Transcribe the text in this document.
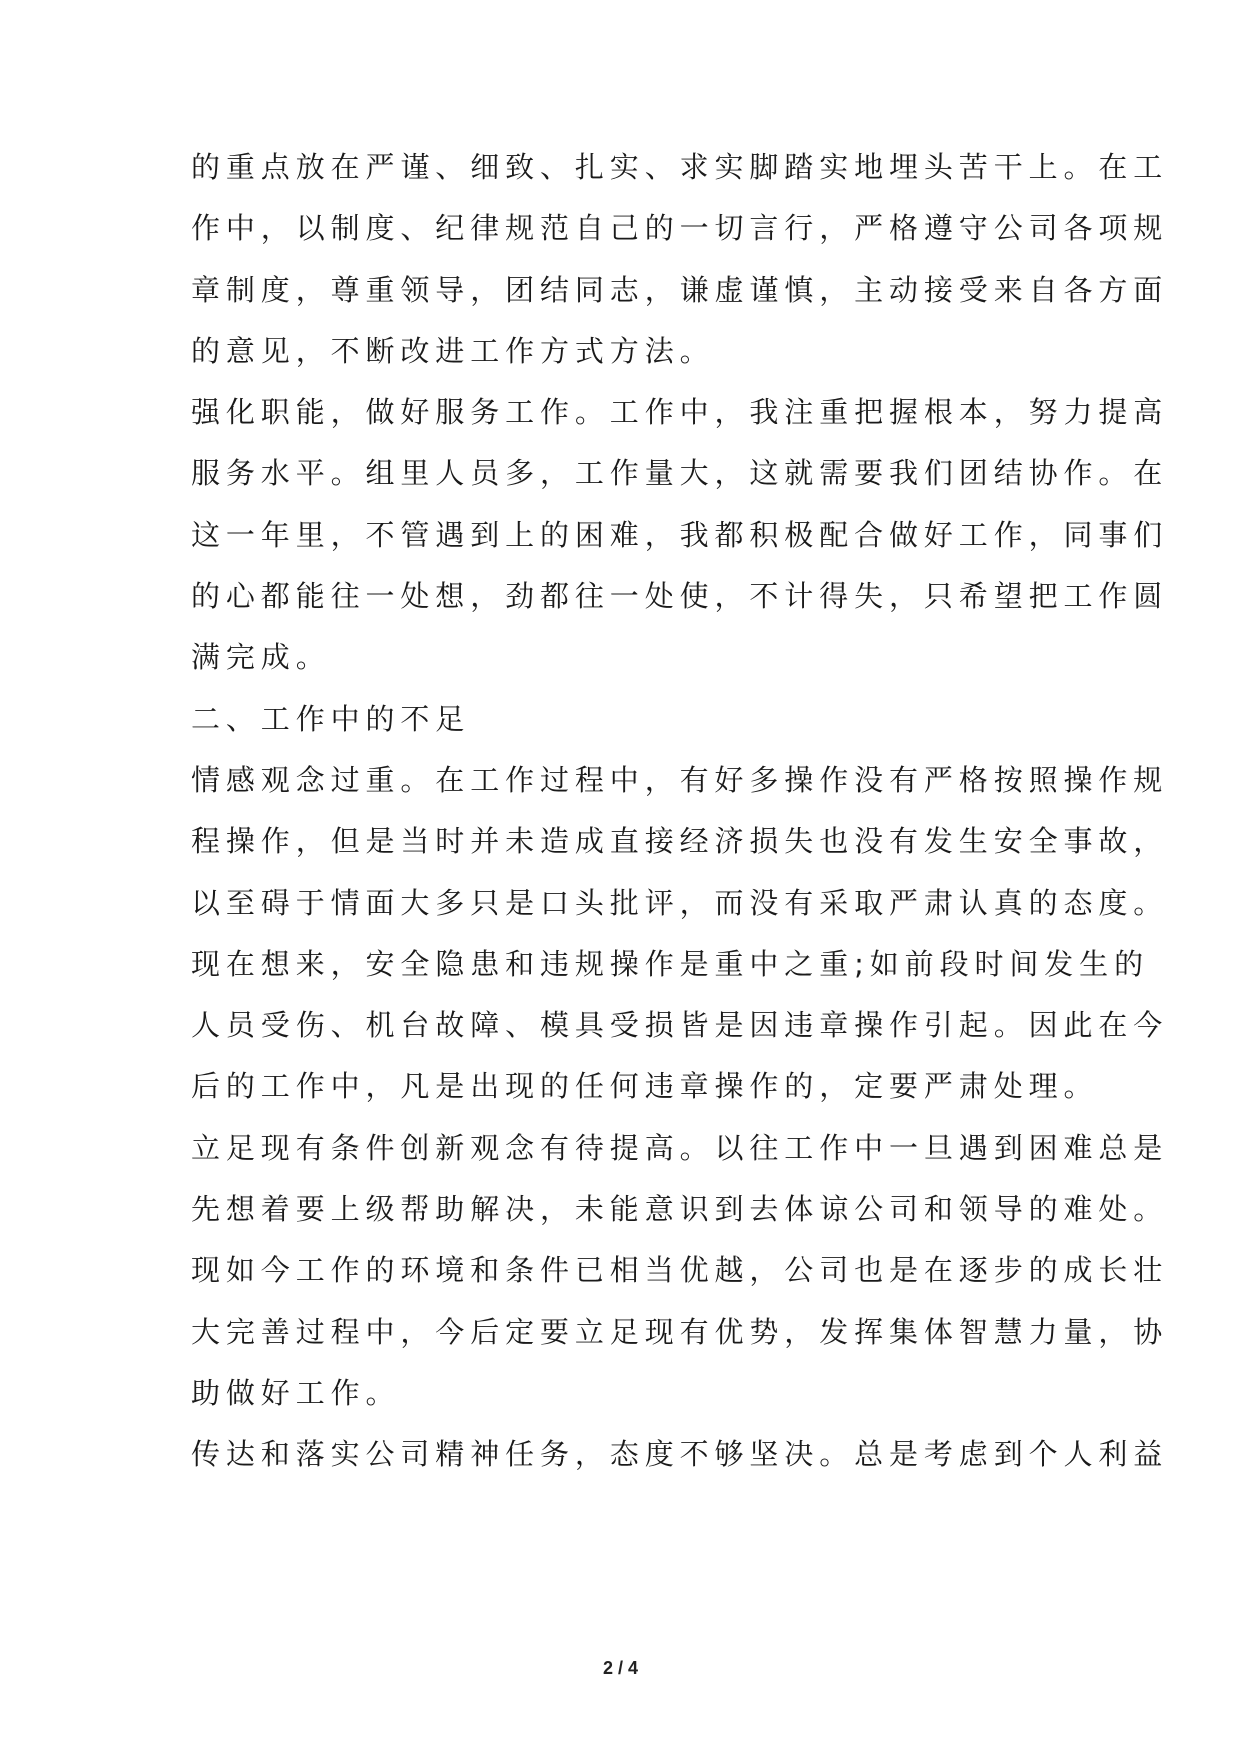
的重点放在严谨、细致、扎实、求实脚踏实地埋头苦干上。在工
作中，以制度、纪律规范自己的一切言行，严格遵守公司各项规
章制度，尊重领导，团结同志，谦虚谨慎，主动接受来自各方面
的意见，不断改进工作方式方法。
强化职能，做好服务工作。工作中，我注重把握根本，努力提高
服务水平。组里人员多，工作量大，这就需要我们团结协作。在
这一年里，不管遇到上的困难，我都积极配合做好工作，同事们
的心都能往一处想，劲都往一处使，不计得失，只希望把工作圆
满完成。
二、工作中的不足
情感观念过重。在工作过程中，有好多操作没有严格按照操作规
程操作，但是当时并未造成直接经济损失也没有发生安全事故，
以至碍于情面大多只是口头批评，而没有采取严肃认真的态度。
现在想来，安全隐患和违规操作是重中之重;如前段时间发生的
人员受伤、机台故障、模具受损皆是因违章操作引起。因此在今
后的工作中，凡是出现的任何违章操作的，定要严肃处理。
立足现有条件创新观念有待提高。以往工作中一旦遇到困难总是
先想着要上级帮助解决，未能意识到去体谅公司和领导的难处。
现如今工作的环境和条件已相当优越，公司也是在逐步的成长壮
大完善过程中，今后定要立足现有优势，发挥集体智慧力量，协
助做好工作。
传达和落实公司精神任务，态度不够坚决。总是考虑到个人利益
2 / 4
